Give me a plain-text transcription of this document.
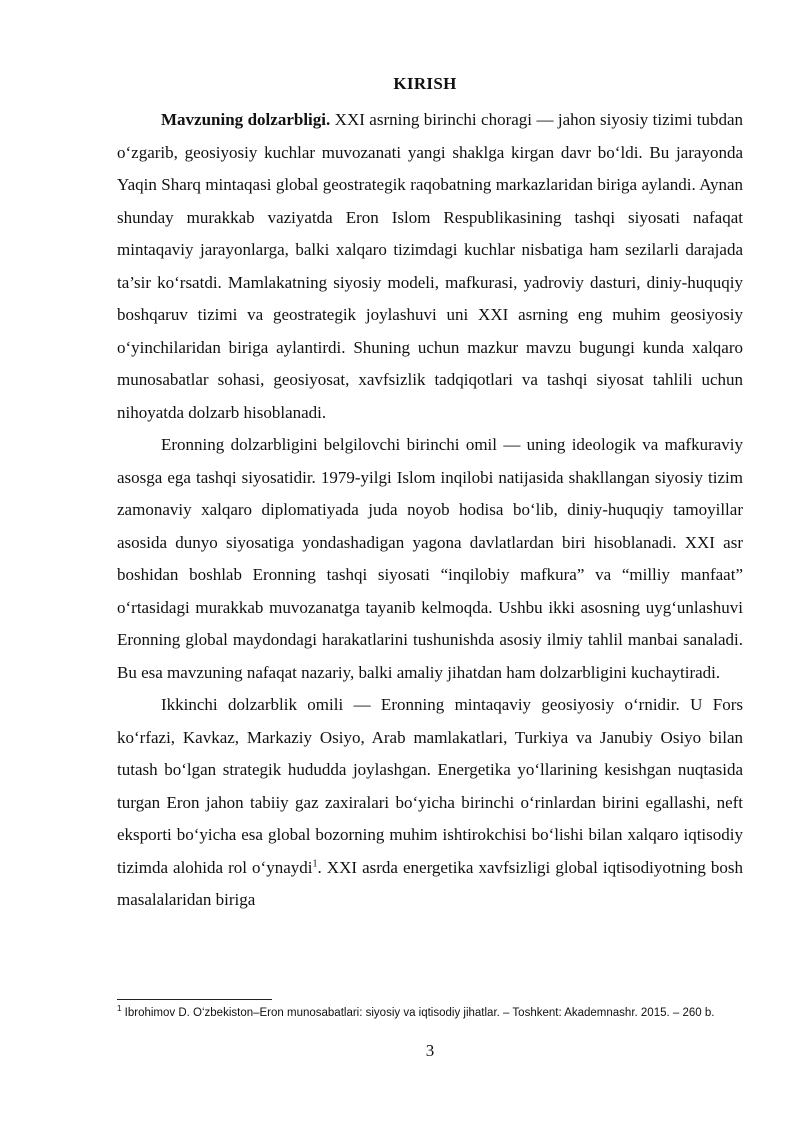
KIRISH

Mavzuning dolzarbligi. XXI asrning birinchi choragi — jahon siyosiy tizimi tubdan o‘zgarib, geosiyosiy kuchlar muvozanati yangi shaklga kirgan davr bo‘ldi. Bu jarayonda Yaqin Sharq mintaqasi global geostrategik raqobatning markazlaridan biriga aylandi. Aynan shunday murakkab vaziyatda Eron Islom Respublikasining tashqi siyosati nafaqat mintaqaviy jarayonlarga, balki xalqaro tizimdagi kuchlar nisbatiga ham sezilarli darajada ta’sir ko‘rsatdi. Mamlakatning siyosiy modeli, mafkurasi, yadroviy dasturi, diniy-huquqiy boshqaruv tizimi va geostrategik joylashuvi uni XXI asrning eng muhim geosiyosiy o‘yinchilaridan biriga aylantirdi. Shuning uchun mazkur mavzu bugungi kunda xalqaro munosabatlar sohasi, geosiyosat, xavfsizlik tadqiqotlari va tashqi siyosat tahlili uchun nihoyatda dolzarb hisoblanadi.

Eronning dolzarbligini belgilovchi birinchi omil — uning ideologik va mafkuraviy asosga ega tashqi siyosatidir. 1979-yilgi Islom inqilobi natijasida shakllangan siyosiy tizim zamonaviy xalqaro diplomatiyada juda noyob hodisa bo‘lib, diniy-huquqiy tamoyillar asosida dunyo siyosatiga yondashadigan yagona davlatlardan biri hisoblanadi. XXI asr boshidan boshlab Eronning tashqi siyosati “inqilobiy mafkura” va “milliy manfaat” o‘rtasidagi murakkab muvozanatga tayanib kelmoqda. Ushbu ikki asosning uyg‘unlashuvi Eronning global maydondagi harakatlarini tushunishda asosiy ilmiy tahlil manbai sanaladi. Bu esa mavzuning nafaqat nazariy, balki amaliy jihatdan ham dolzarbligini kuchaytiradi.

Ikkinchi dolzarblik omili — Eronning mintaqaviy geosiyosiy o‘rnidir. U Fors ko‘rfazi, Kavkaz, Markaziy Osiyo, Arab mamlakatlari, Turkiya va Janubiy Osiyo bilan tutash bo‘lgan strategik hududda joylashgan. Energetika yo‘llarining kesishgan nuqtasida turgan Eron jahon tabiiy gaz zaxiralari bo‘yicha birinchi o‘rinlardan birini egallashi, neft eksporti bo‘yicha esa global bozorning muhim ishtirokchisi bo‘lishi bilan xalqaro iqtisodiy tizimda alohida rol o‘ynaydi$^1$. XXI asrda energetika xavfsizligi global iqtisodiyotning bosh masalalaridan biriga

$^1$ Ibrohimov D. O‘zbekiston–Eron munosabatlari: siyosiy va iqtisodiy jihatlar. – Toshkent: Akademnashr. 2015. – 260 b.
3
